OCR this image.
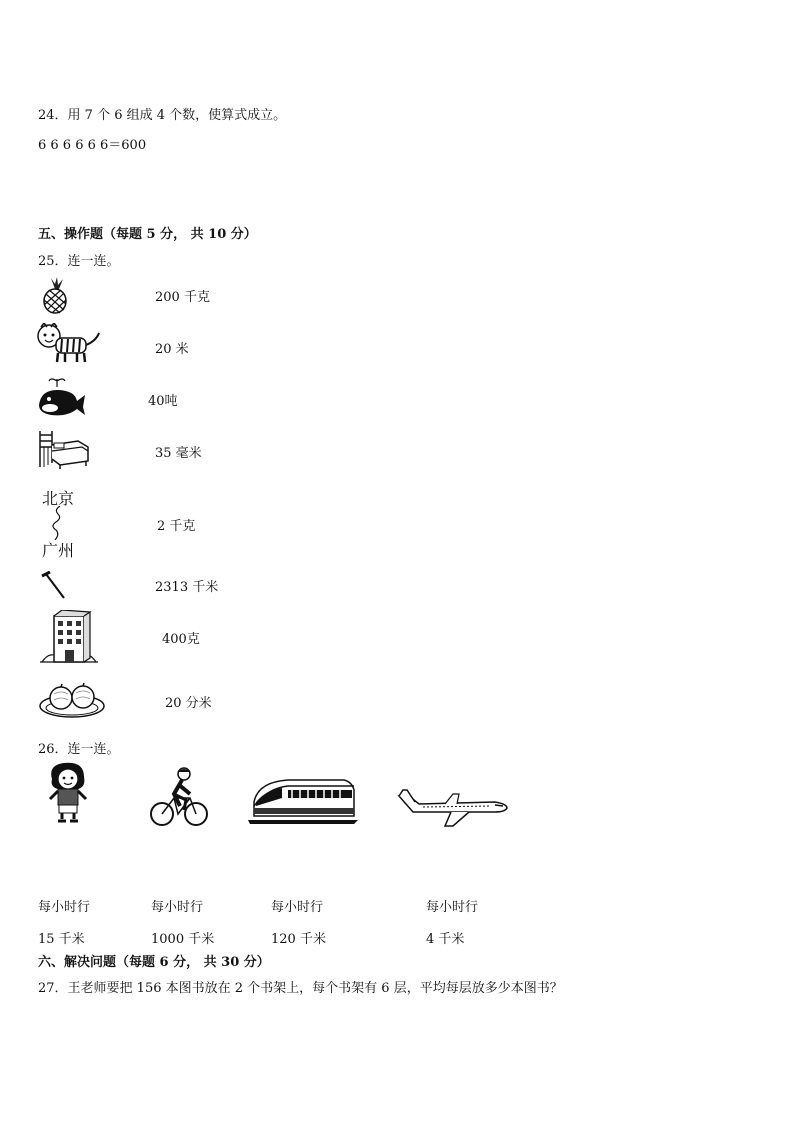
24．用 7 个 6 组成 4 个数，使算式成立。
6 6 6 6 6 6＝600
五、操作题（每题 5 分， 共 10 分）
25．连一连。
200 千克
20 米
40吨
35 毫米
北京
广州
2 千克
2313 千米
400克
20 分米
26．连一连。
每小时行	每小时行	每小时行	每小时行
15 千米	1000 千米	120 千米	4 千米
六、解决问题（每题 6 分， 共 30 分）
27．王老师要把 156 本图书放在 2 个书架上，每个书架有 6 层，平均每层放多少本图书？
